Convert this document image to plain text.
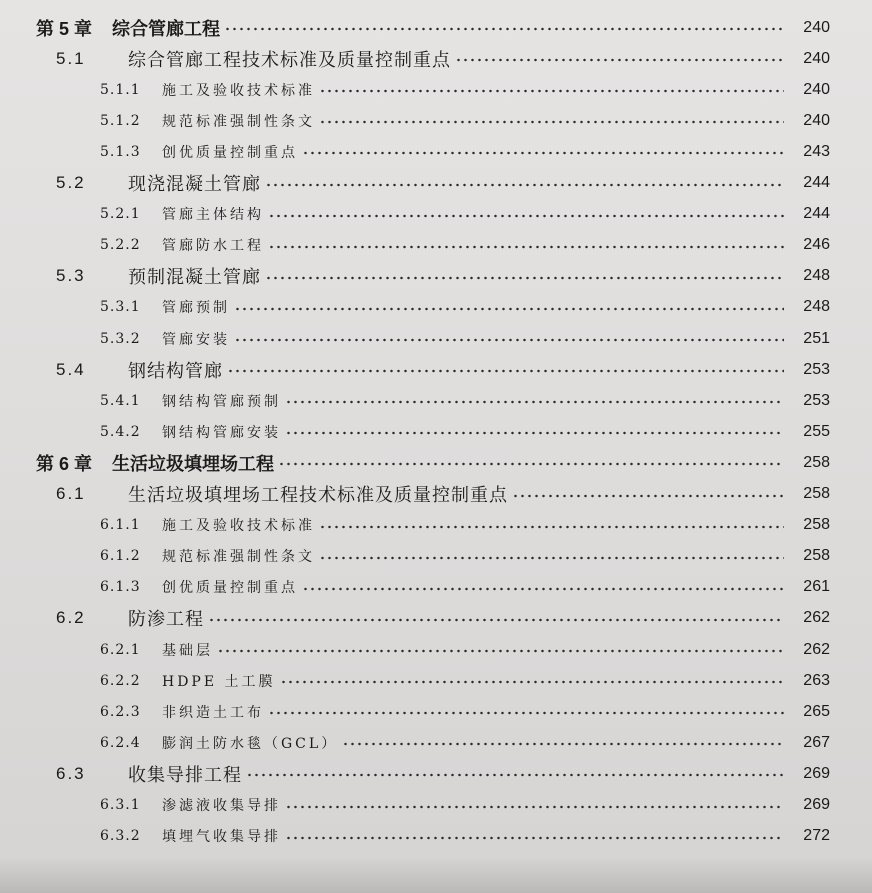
第 5 章 综合管廊工程	240
5.1	综合管廊工程技术标准及质量控制重点	240
5.1.1	施工及验收技术标准	240
5.1.2	规范标准强制性条文	240
5.1.3	创优质量控制重点	243
5.2	现浇混凝土管廊	244
5.2.1	管廊主体结构	244
5.2.2	管廊防水工程	246
5.3	预制混凝土管廊	248
5.3.1	管廊预制	248
5.3.2	管廊安装	251
5.4	钢结构管廊	253
5.4.1	钢结构管廊预制	253
5.4.2	钢结构管廊安装	255
第 6 章 生活垃圾填埋场工程	258
6.1	生活垃圾填埋场工程技术标准及质量控制重点	258
6.1.1	施工及验收技术标准	258
6.1.2	规范标准强制性条文	258
6.1.3	创优质量控制重点	261
6.2	防渗工程	262
6.2.1	基础层	262
6.2.2	HDPE 土工膜	263
6.2.3	非织造土工布	265
6.2.4	膨润土防水毯（GCL）	267
6.3	收集导排工程	269
6.3.1	渗滤液收集导排	269
6.3.2	填埋气收集导排	272
